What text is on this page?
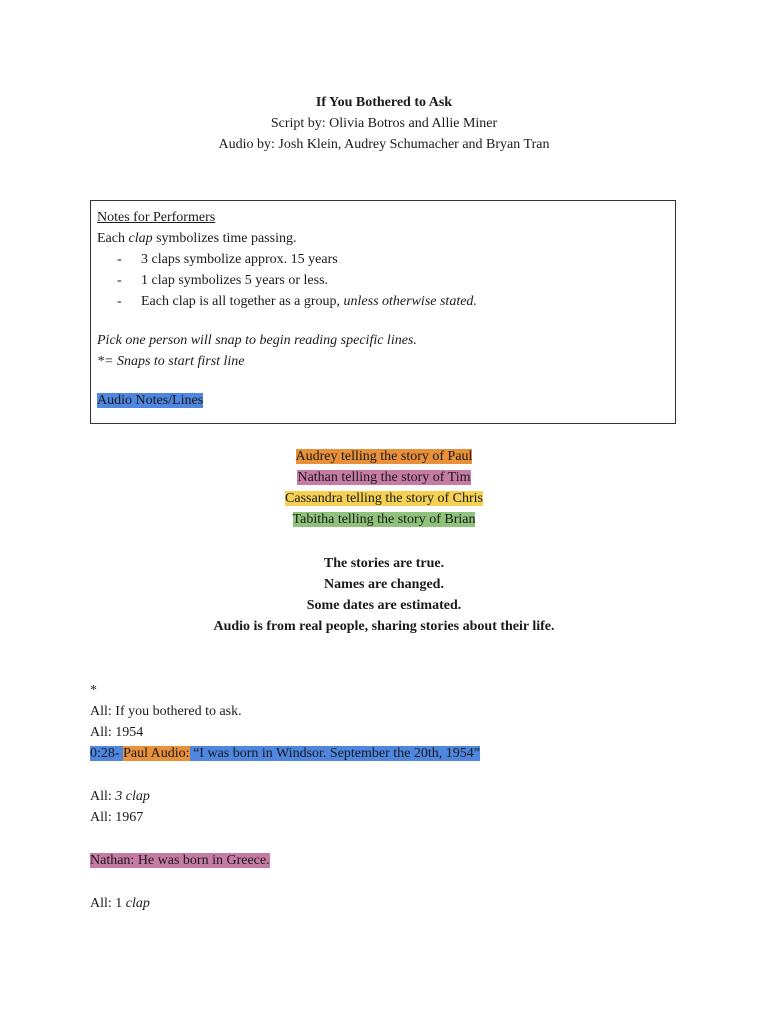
If You Bothered to Ask
Script by: Olivia Botros and Allie Miner
Audio by: Josh Klein, Audrey Schumacher and Bryan Tran
Notes for Performers
Each clap symbolizes time passing.
- 3 claps symbolize approx. 15 years
- 1 clap symbolizes 5 years or less.
- Each clap is all together as a group, unless otherwise stated.
Pick one person will snap to begin reading specific lines.
*= Snaps to start first line
Audio Notes/Lines
Audrey telling the story of Paul
Nathan telling the story of Tim
Cassandra telling the story of Chris
Tabitha telling the story of Brian
The stories are true.
Names are changed.
Some dates are estimated.
Audio is from real people, sharing stories about their life.
*
All: If you bothered to ask.
All: 1954
0:28- Paul Audio: “I was born in Windsor. September the 20th, 1954”
All: 3 clap
All: 1967
Nathan: He was born in Greece.
All: 1 clap
